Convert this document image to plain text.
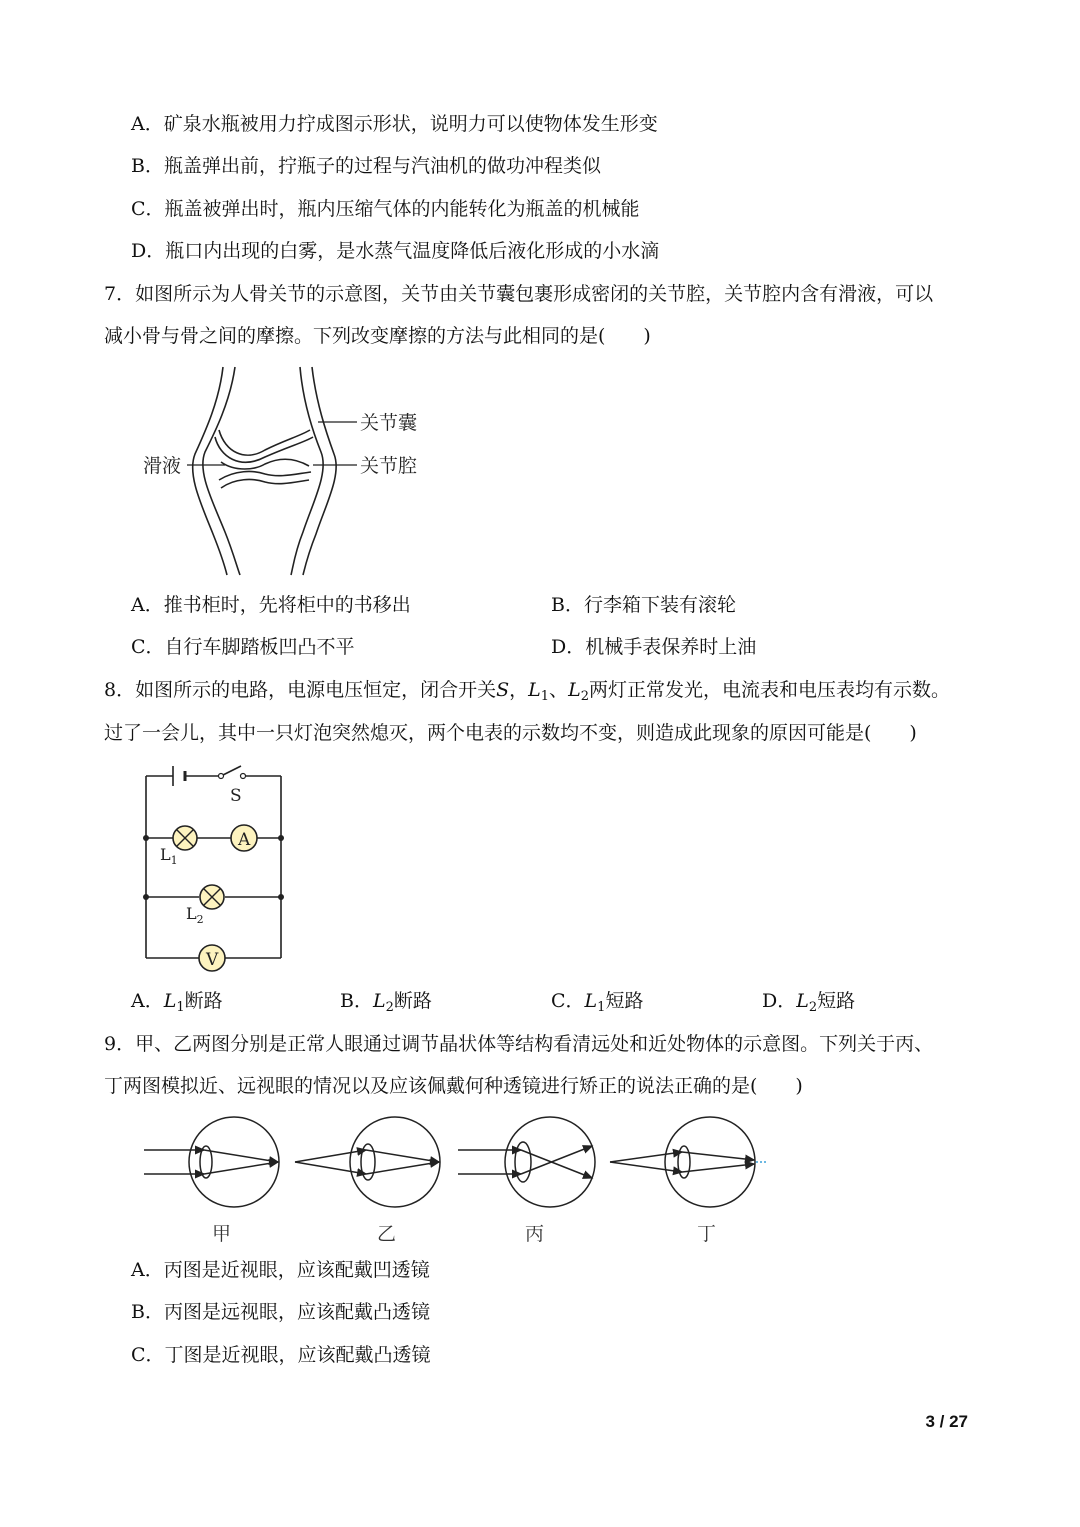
A．矿泉水瓶被用力拧成图示形状，说明力可以使物体发生形变
B．瓶盖弹出前，拧瓶子的过程与汽油机的做功冲程类似
C．瓶盖被弹出时，瓶内压缩气体的内能转化为瓶盖的机械能
D．瓶口内出现的白雾，是水蒸气温度降低后液化形成的小水滴
7．如图所示为人骨关节的示意图，关节由关节囊包裹形成密闭的关节腔，关节腔内含有滑液，可以
减小骨与骨之间的摩擦。下列改变摩擦的方法与此相同的是(　　)
关节囊
关节腔
滑液
A．推书柜时，先将柜中的书移出	B．行李箱下装有滚轮
C．自行车脚踏板凹凸不平	D．机械手表保养时上油
8．如图所示的电路，电源电压恒定，闭合开关S，$L_1$、$L_2$两灯正常发光，电流表和电压表均有示数。
过了一会儿，其中一只灯泡突然熄灭，两个电表的示数均不变，则造成此现象的原因可能是(　　)
A
V
S
$L_1$
$L_2$
A．$L_1$断路	B．$L_2$断路	C．$L_1$短路	D．$L_2$短路
9．甲、乙两图分别是正常人眼通过调节晶状体等结构看清远处和近处物体的示意图。下列关于丙、
丁两图模拟近、远视眼的情况以及应该佩戴何种透镜进行矫正的说法正确的是(　　)
甲	乙	丙	丁
A．丙图是近视眼，应该配戴凹透镜
B．丙图是远视眼，应该配戴凸透镜
C．丁图是近视眼，应该配戴凸透镜
3 / 27
